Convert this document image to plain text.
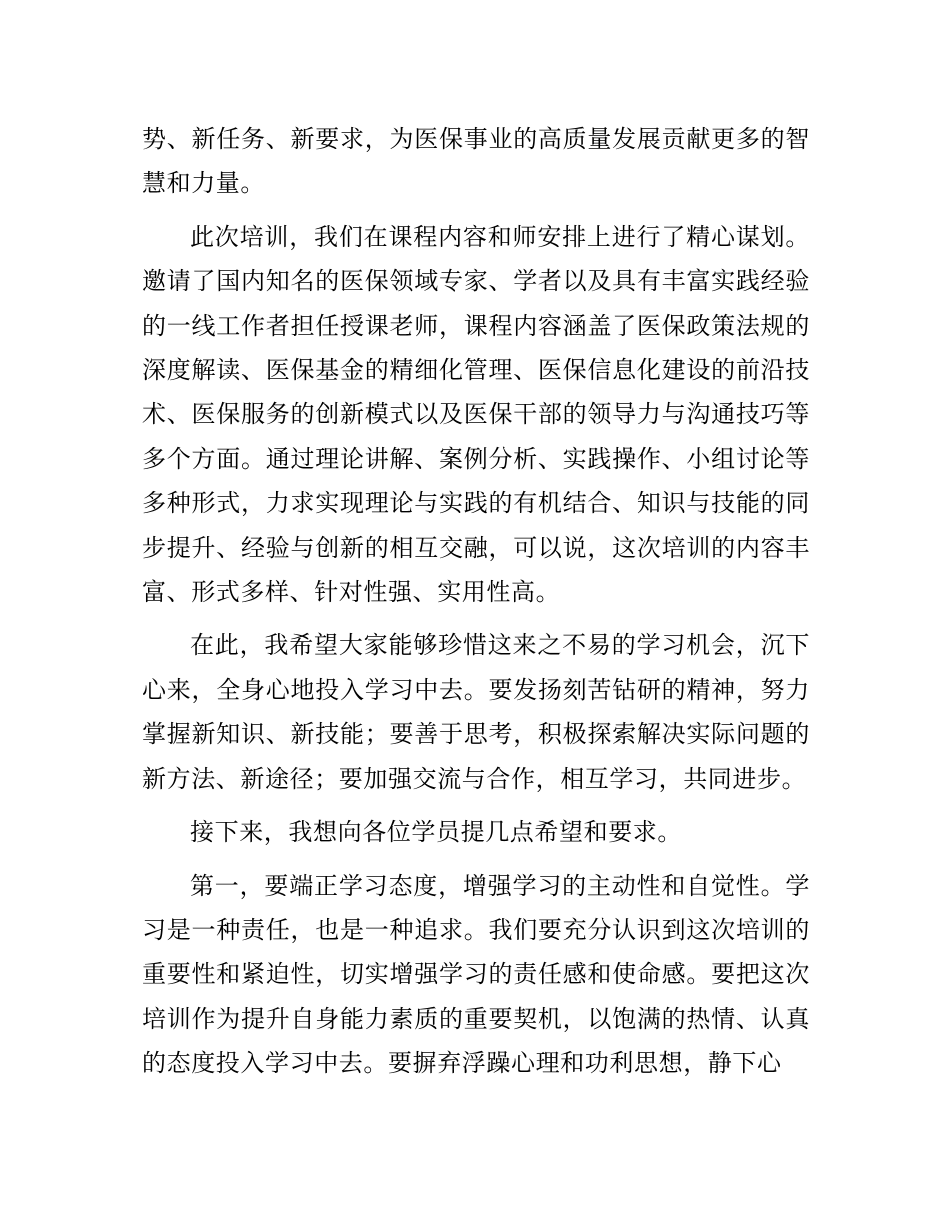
势、新任务、新要求，为医保事业的高质量发展贡献更多的智慧和力量。

此次培训，我们在课程内容和师安排上进行了精心谋划。邀请了国内知名的医保领域专家、学者以及具有丰富实践经验的一线工作者担任授课老师，课程内容涵盖了医保政策法规的深度解读、医保基金的精细化管理、医保信息化建设的前沿技术、医保服务的创新模式以及医保干部的领导力与沟通技巧等多个方面。通过理论讲解、案例分析、实践操作、小组讨论等多种形式，力求实现理论与实践的有机结合、知识与技能的同步提升、经验与创新的相互交融，可以说，这次培训的内容丰富、形式多样、针对性强、实用性高。

在此，我希望大家能够珍惜这来之不易的学习机会，沉下心来，全身心地投入学习中去。要发扬刻苦钻研的精神，努力掌握新知识、新技能；要善于思考，积极探索解决实际问题的新方法、新途径；要加强交流与合作，相互学习，共同进步。

接下来，我想向各位学员提几点希望和要求。

第一，要端正学习态度，增强学习的主动性和自觉性。学习是一种责任，也是一种追求。我们要充分认识到这次培训的重要性和紧迫性，切实增强学习的责任感和使命感。要把这次培训作为提升自身能力素质的重要契机，以饱满的热情、认真的态度投入学习中去。要摒弃浮躁心理和功利思想，静下心
